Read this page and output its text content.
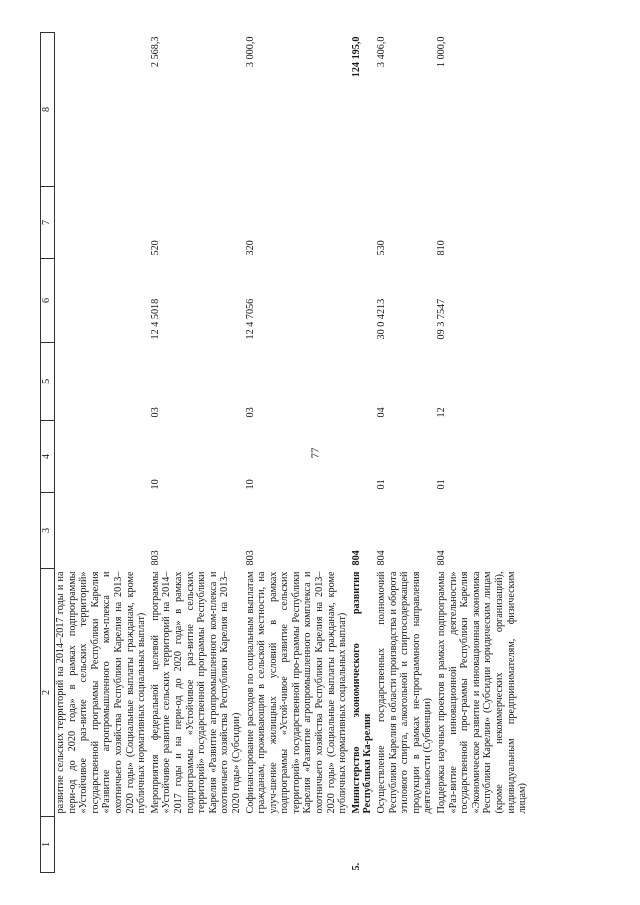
77
1	2	3	4	5	6	7	8
	развитие сельских территорий на 2014–2017 годы и на пери-од до 2020 года» в рамках подпрограммы «Устойчивое раз-витие сельских территорий» государственной программы Республики Карелия «Развитие агропромышленного ком-плекса и охотничьего хозяйства Республики Карелия на 2013–2020 годы» (Социальные выплаты гражданам, кроме публичных нормативных социальных выплат)						
	Мероприятия федеральной целевой программы «Устойчивое развитие сельских территорий на 2014–2017 годы и на пери-од до 2020 года» в рамках подпрограммы «Устойчивое раз-витие сельских территорий» государственной программы Республики Карелия «Развитие агропромышленного ком-плекса и охотничьего хозяйства Республики Карелия на 2013–2020 годы» (Субсидии)	803	10	03	12 4 5018	520	2 568,3
	Софинансирование расходов по социальным выплатам гражданам, проживающим в сельской местности, на улуч-шение жилищных условий в рамках подпрограммы «Устой-чивое развитие сельских территорий» государственной про-граммы Республики Карелия «Развитие агропромышленного комплекса и охотничьего хозяйства Республики Карелия на 2013–2020 годы» (Социальные выплаты гражданам, кроме публичных нормативных социальных выплат)	803	10	03	12 4 7056	320	3 000,0
5.	Министерство экономического развития Республики Ка-релия	804					124 195,0
	Осуществление государственных полномочий Республики Карелия в области производства и оборота этилового спирта, алкогольной и спиртосодержащей продукции в рамках не-программного направления деятельности (Субвенции)	804	01	04	30 0 4213	530	3 406,0
	Поддержка научных проектов в рамках подпрограммы «Раз-витие инновационной деятельности» государственной про-граммы Республики Карелия «Экономическое развитие и инновационная экономика Республики Карелия» (Субсидии юридическим лицам (кроме некоммерческих организаций), индивидуальным предпринимателям, физическим лицам)	804	01	12	09 3 7547	810	1 000,0
